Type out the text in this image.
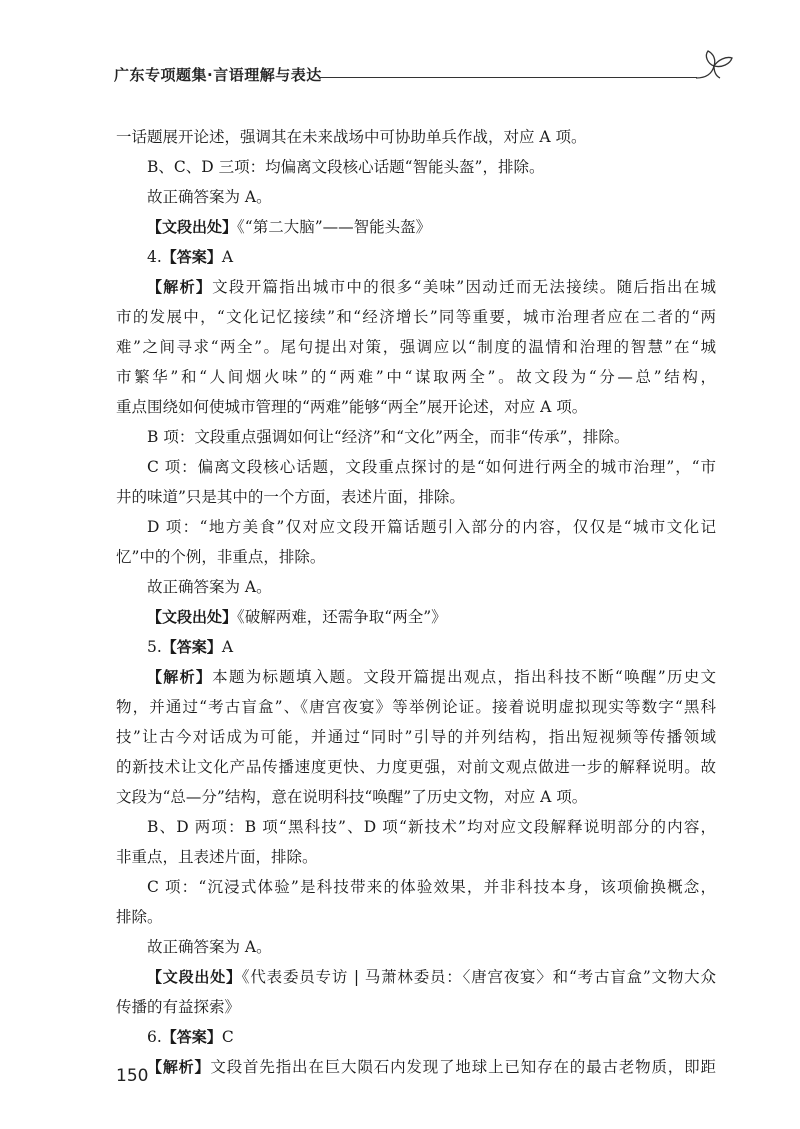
广东专项题集·言语理解与表达
一话题展开论述，强调其在未来战场中可协助单兵作战，对应 A 项。
B、C、D 三项：均偏离文段核心话题“智能头盔”，排除。
故正确答案为 A。
【文段出处】《“第二大脑”——智能头盔》
4.【答案】A
【解析】文段开篇指出城市中的很多“美味”因动迁而无法接续。随后指出在城
市的发展中，“文化记忆接续”和“经济增长”同等重要，城市治理者应在二者的“两
难”之间寻求“两全”。尾句提出对策，强调应以“制度的温情和治理的智慧”在“城
市繁华”和“人间烟火味”的“两难”中“谋取两全”。故文段为“分—总”结构，
重点围绕如何使城市管理的“两难”能够“两全”展开论述，对应 A 项。
B 项：文段重点强调如何让“经济”和“文化”两全，而非“传承”，排除。
C 项：偏离文段核心话题，文段重点探讨的是“如何进行两全的城市治理”，“市
井的味道”只是其中的一个方面，表述片面，排除。
D 项：“地方美食”仅对应文段开篇话题引入部分的内容，仅仅是“城市文化记
忆”中的个例，非重点，排除。
故正确答案为 A。
【文段出处】《破解两难，还需争取“两全”》
5.【答案】A
【解析】本题为标题填入题。文段开篇提出观点，指出科技不断“唤醒”历史文
物，并通过“考古盲盒”、《唐宫夜宴》等举例论证。接着说明虚拟现实等数字“黑科
技”让古今对话成为可能，并通过“同时”引导的并列结构，指出短视频等传播领域
的新技术让文化产品传播速度更快、力度更强，对前文观点做进一步的解释说明。故
文段为“总—分”结构，意在说明科技“唤醒”了历史文物，对应 A 项。
B、D 两项：B 项“黑科技”、D 项“新技术”均对应文段解释说明部分的内容，
非重点，且表述片面，排除。
C 项：“沉浸式体验”是科技带来的体验效果，并非科技本身，该项偷换概念，
排除。
故正确答案为 A。
【文段出处】《代表委员专访 | 马萧林委员：〈唐宫夜宴〉和“考古盲盒”文物大众
传播的有益探索》
6.【答案】C
【解析】文段首先指出在巨大陨石内发现了地球上已知存在的最古老物质，即距
150
